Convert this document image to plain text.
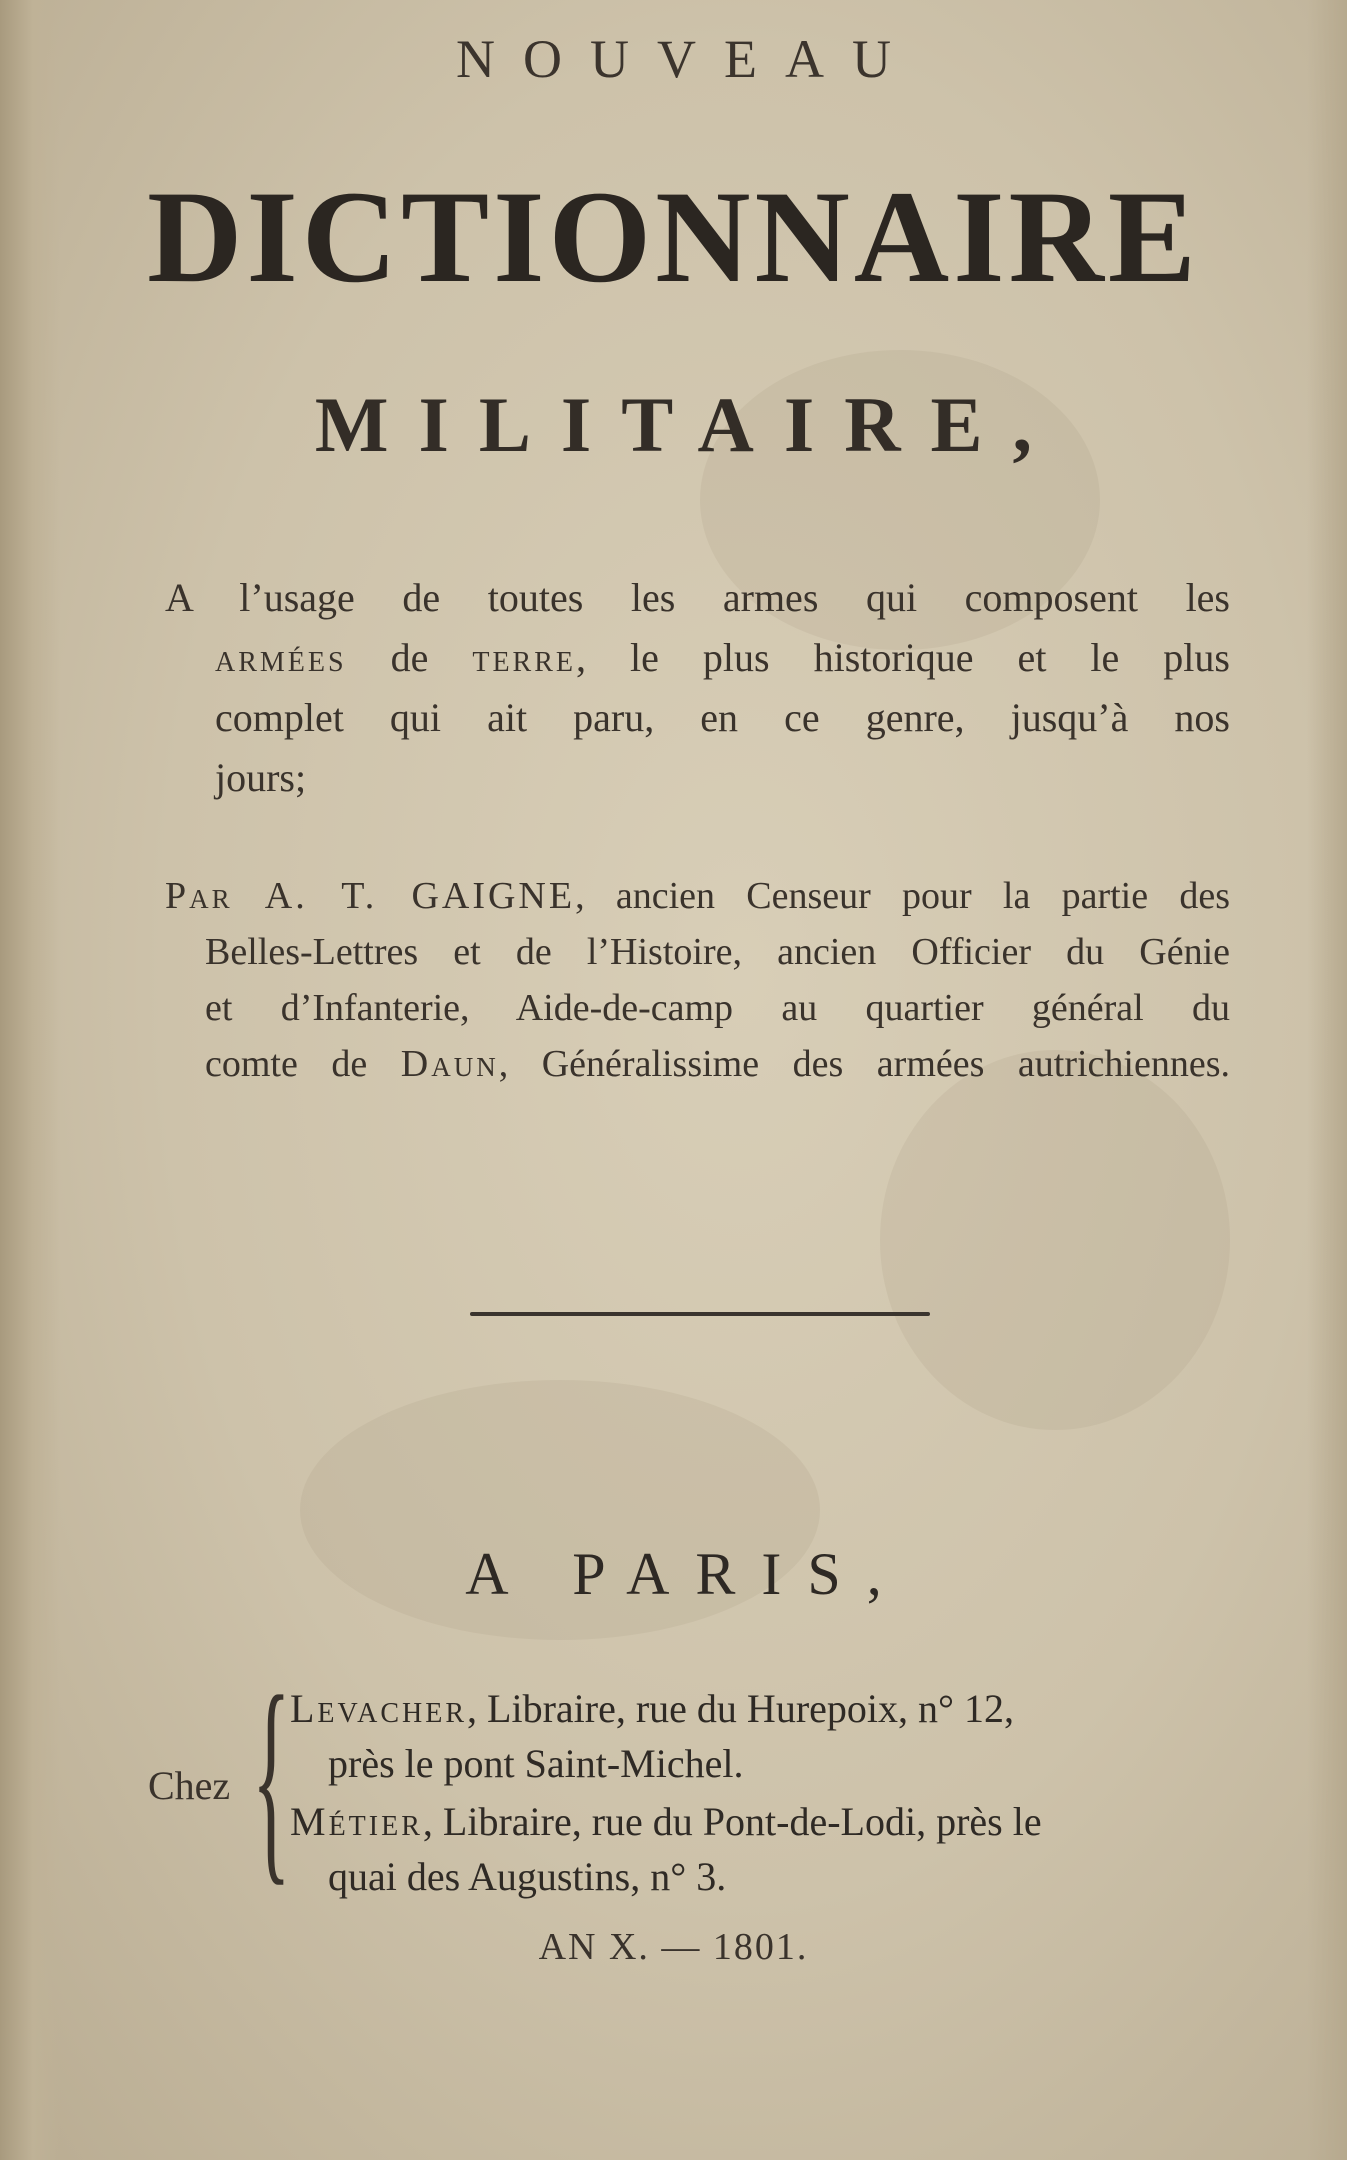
NOUVEAU
DICTIONNAIRE
MILITAIRE,
A l’usage de toutes les armes qui composent les
armées de terre, le plus historique et le plus
complet qui ait paru, en ce genre, jusqu’à nos
jours;
Par A. T. GAIGNE, ancien Censeur pour la partie des
Belles-Lettres et de l’Histoire, ancien Officier du Génie
et d’Infanterie, Aide-de-camp au quartier général du
comte de Daun, Généralissime des armées autrichiennes.
A PARIS,
Chez { Levacher, Libraire, rue du Hurepoix, n° 12,
près le pont Saint-Michel.
Métier, Libraire, rue du Pont-de-Lodi, près le
quai des Augustins, n° 3.
AN X. — 1801.
